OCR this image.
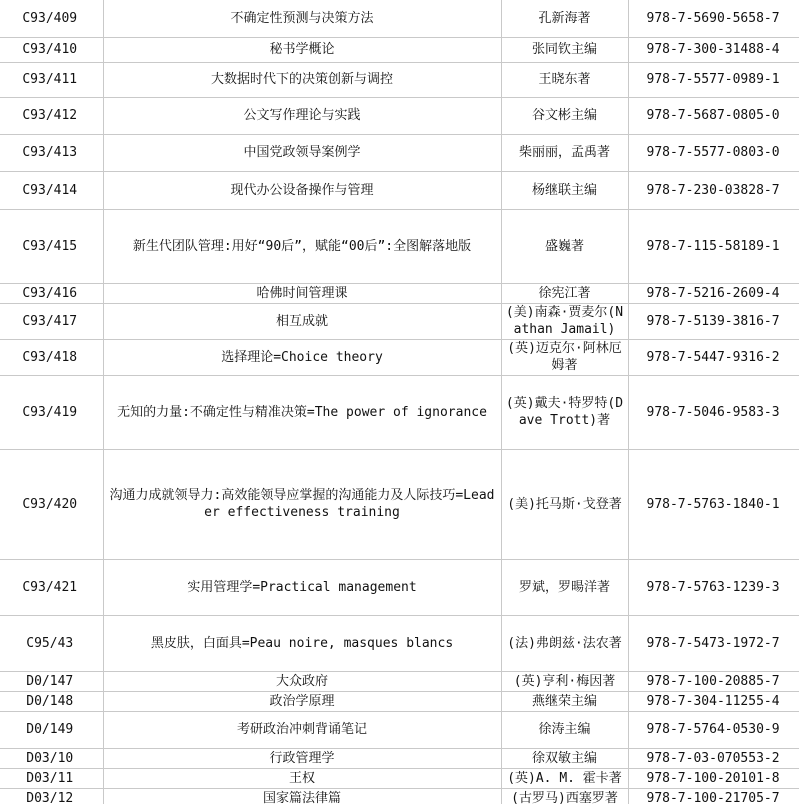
C93/409	不确定性预测与决策方法	孔新海著	978-7-5690-5658-7
C93/410	秘书学概论	张同钦主编	978-7-300-31488-4
C93/411	大数据时代下的决策创新与调控	王晓东著	978-7-5577-0989-1
C93/412	公文写作理论与实践	谷文彬主编	978-7-5687-0805-0
C93/413	中国党政领导案例学	柴丽丽，孟禹著	978-7-5577-0803-0
C93/414	现代办公设备操作与管理	杨继联主编	978-7-230-03828-7
C93/415	新生代团队管理:用好“90后”，赋能“00后”:全图解落地版	盛巍著	978-7-115-58189-1
C93/416	哈佛时间管理课	徐宪江著	978-7-5216-2609-4
C93/417	相互成就	(美)南森·贾麦尔(Nathan Jamail)	978-7-5139-3816-7
C93/418	选择理论=Choice theory	(英)迈克尔·阿林厄姆著	978-7-5447-9316-2
C93/419	无知的力量:不确定性与精准决策=The power of ignorance	(英)戴夫·特罗特(Dave Trott)著	978-7-5046-9583-3
C93/420	沟通力成就领导力:高效能领导应掌握的沟通能力及人际技巧=Leader effectiveness training	(美)托马斯·戈登著	978-7-5763-1840-1
C93/421	实用管理学=Practical management	罗斌，罗暘洋著	978-7-5763-1239-3
C95/43	黑皮肤，白面具=Peau noire, masques blancs	(法)弗朗兹·法农著	978-7-5473-1972-7
D0/147	大众政府	(英)亨利·梅因著	978-7-100-20885-7
D0/148	政治学原理	燕继荣主编	978-7-304-11255-4
D0/149	考研政治冲刺背诵笔记	徐涛主编	978-7-5764-0530-9
D03/10	行政管理学	徐双敏主编	978-7-03-070553-2
D03/11	王权	(英)A. M. 霍卡著	978-7-100-20101-8
D03/12	国家篇法律篇	(古罗马)西塞罗著	978-7-100-21705-7
